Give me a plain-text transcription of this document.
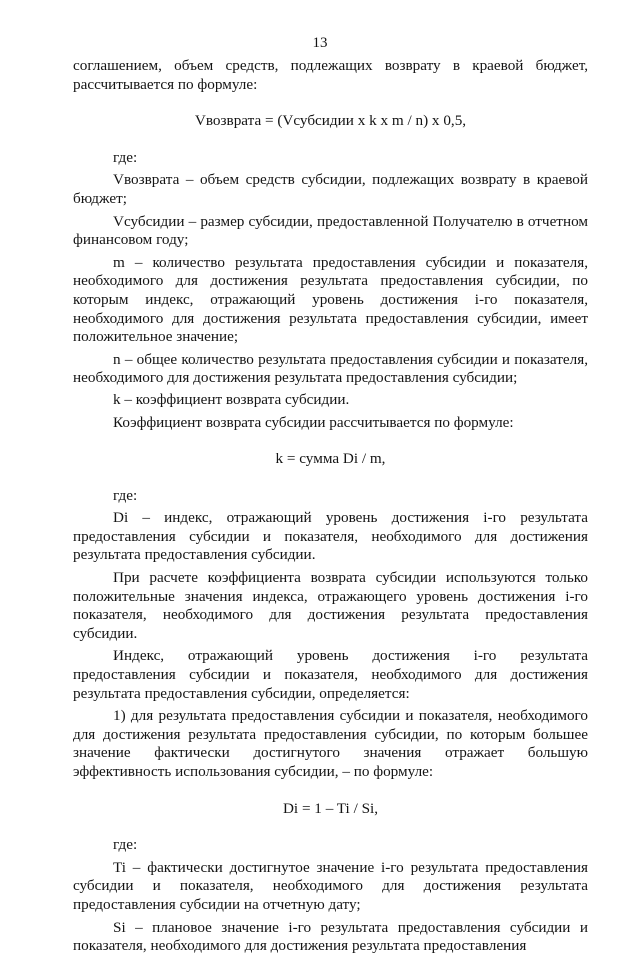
13

соглашением, объем средств, подлежащих возврату в краевой бюджет, рассчитывается по формуле:

Vвозврата = (Vсубсидии x k x m / n) x 0,5,

где:

Vвозврата – объем средств субсидии, подлежащих возврату в краевой бюджет;

Vсубсидии – размер субсидии, предоставленной Получателю в отчетном финансовом году;

m – количество результата предоставления субсидии и показателя, необходимого для достижения результата предоставления субсидии, по которым индекс, отражающий уровень достижения i-го показателя, необходимого для достижения результата предоставления субсидии, имеет положительное значение;

n – общее количество результата предоставления субсидии и показателя, необходимого для достижения результата предоставления субсидии;

k – коэффициент возврата субсидии.

Коэффициент возврата субсидии рассчитывается по формуле:

k = сумма Di / m,

где:

Di – индекс, отражающий уровень достижения i-го результата предоставления субсидии и показателя, необходимого для достижения результата предоставления субсидии.

При расчете коэффициента возврата субсидии используются только положительные значения индекса, отражающего уровень достижения i-го показателя, необходимого для достижения результата предоставления субсидии.

Индекс, отражающий уровень достижения i-го результата предоставления субсидии и показателя, необходимого для достижения результата предоставления субсидии, определяется:

1) для результата предоставления субсидии и показателя, необходимого для достижения результата предоставления субсидии, по которым большее значение фактически достигнутого значения отражает большую эффективность использования субсидии, – по формуле:

Di = 1 – Ti / Si,

где:

Ti – фактически достигнутое значение i-го результата предоставления субсидии и показателя, необходимого для достижения результата предоставления субсидии на отчетную дату;

Si – плановое значение i-го результата предоставления субсидии и показателя, необходимого для достижения результата предоставления
